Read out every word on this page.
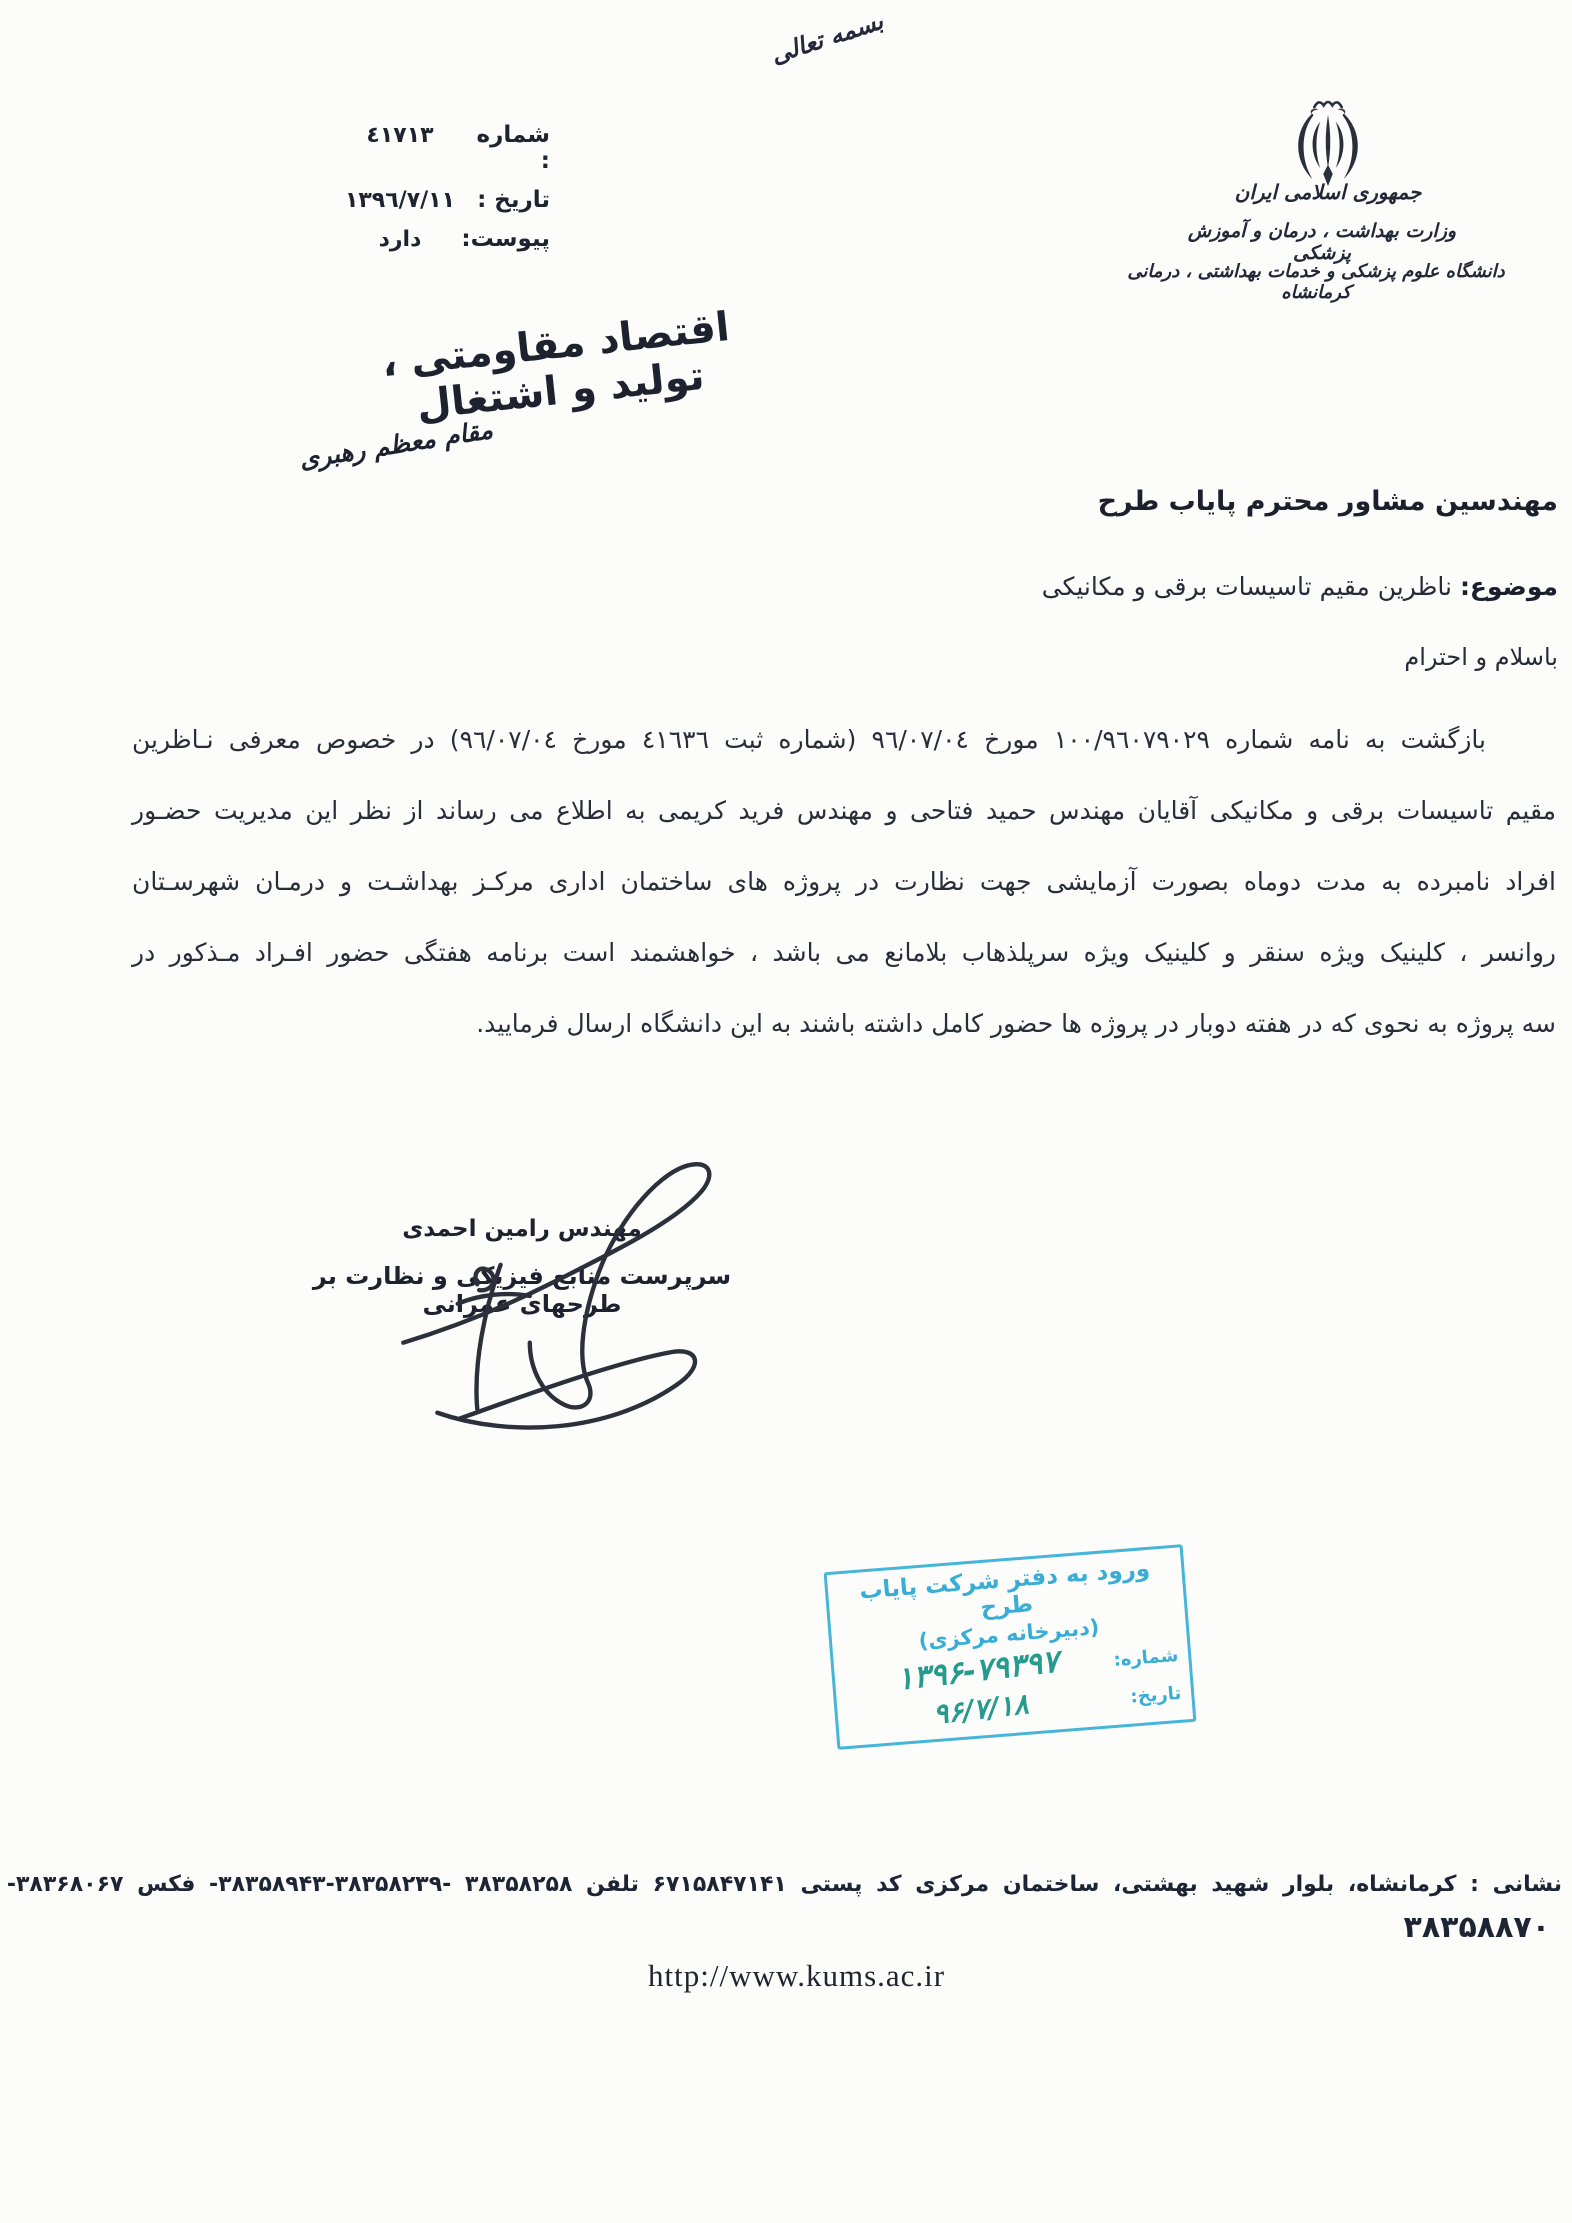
بسمه تعالی
جمهوری اسلامی ایران
وزارت بهداشت ، درمان و آموزش پزشکی
دانشگاه علوم پزشکی و خدمات بهداشتی ، درمانی کرمانشاه
شماره :
٤١٧١٣
تاریخ :
١٣٩٦/٧/١١
پیوست:
دارد
اقتصاد مقاومتی ، تولید و اشتغال
مقام معظم رهبری
مهندسین مشاور محترم پایاب طرح
موضوع: ناظرین مقیم تاسیسات برقی و مکانیکی
باسلام و احترام
بازگشت به نامه شماره ١٠٠/٩٦٠٧٩٠٢٩ مورخ ٩٦/٠٧/٠٤ (شماره ثبت ٤١٦٣٦ مورخ ٩٦/٠٧/٠٤) در خصوص معرفی نـاظرین
مقیم تاسیسات برقی و مکانیکی آقایان مهندس حمید فتاحی و مهندس فرید کریمی به اطلاع می رساند از نظر این مدیریت حضـور
افراد نامبرده به مدت دوماه بصورت آزمایشی جهت نظارت در پروژه های ساختمان اداری مرکـز بهداشـت و درمـان شهرسـتان
روانسر ، کلینیک ویژه سنقر و کلینیک ویژه سرپلذهاب بلامانع می باشد ، خواهشمند است برنامه هفتگی حضور افـراد مـذکور در
سه پروژه به نحوی که در هفته دوبار در پروژه ها حضور کامل داشته باشند به این دانشگاه ارسال فرمایید.
مهندس رامین احمدی
سرپرست منابع فیزیکی و نظارت بر طرحهای عمرانی
ورود به دفتر شرکت پایاب طرح
(دبیرخانه مرکزی)
شماره:
۱۳۹۶-۷۹۳۹۷	تاریخ:
۹۶/۷/۱۸
نشانی : کرمانشاه، بلوار شهید بهشتی، ساختمان مرکزی کد پستی ۶۷۱۵۸۴۷۱۴۱ تلفن ۳۸۳۵۸۲۵۸ -۳۸۳۵۸۲۳۹-۳۸۳۵۸۹۴۳- فکس ۳۸۳۶۸۰۶۷-
۳۸۳۵۸۸۷۰
http://www.kums.ac.ir
